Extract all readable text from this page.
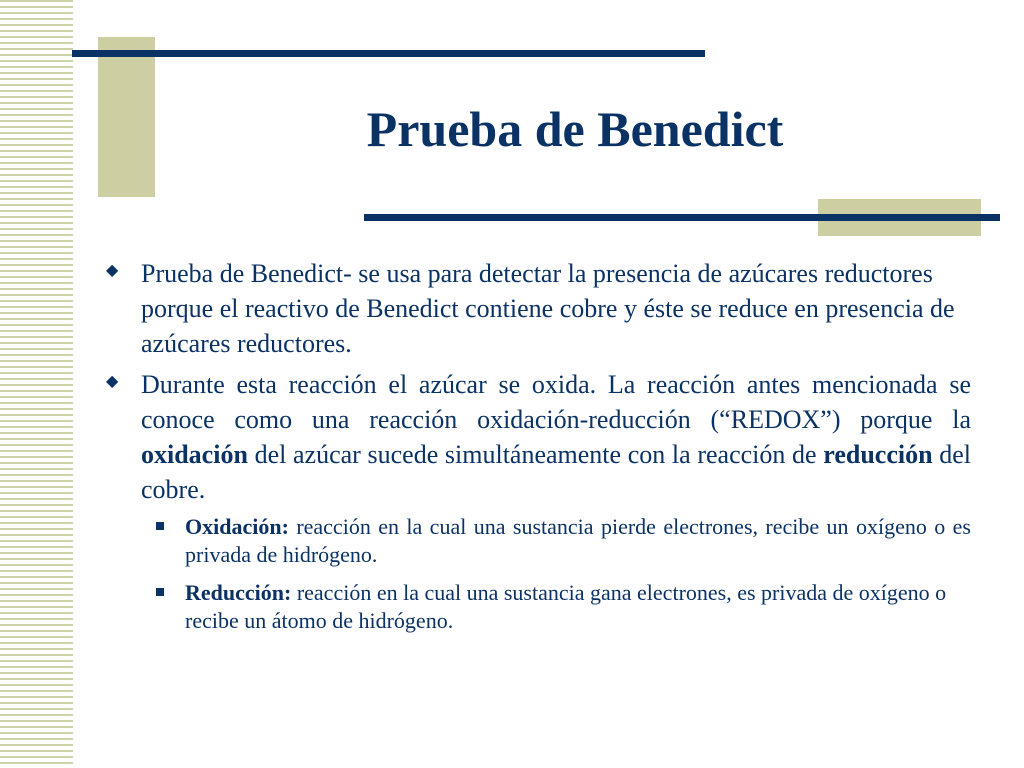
Prueba de Benedict
◆ Prueba de Benedict- se usa para detectar la presencia de azúcares reductores porque el reactivo de Benedict contiene cobre y éste se reduce en presencia de azúcares reductores.
◆ Durante esta reacción el azúcar se oxida. La reacción antes mencionada se conoce como una reacción oxidación-reducción (“REDOX”) porque la oxidación del azúcar sucede simultáneamente con la reacción de reducción del cobre.
Oxidación: reacción en la cual una sustancia pierde electrones, recibe un oxígeno o es privada de hidrógeno.
Reducción: reacción en la cual una sustancia gana electrones, es privada de oxígeno o recibe un átomo de hidrógeno.
